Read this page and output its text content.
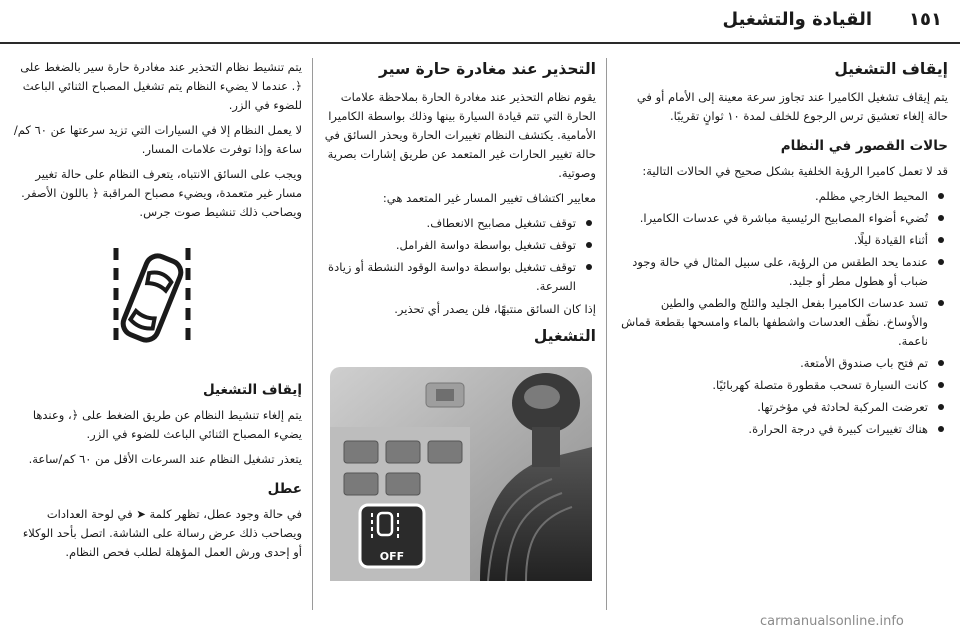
١٥١
القيادة والتشغيل
إيقاف التشغيل

يتم إيقاف تشغيل الكاميرا عند تجاوز سرعة معينة إلى الأمام أو في حالة إلغاء تعشيق ترس الرجوع للخلف لمدة ١٠ ثوانٍ تقريبًا.

حالات القصور في النظام

قد لا تعمل كاميرا الرؤية الخلفية بشكل صحيح في الحالات التالية:

المحيط الخارجي مظلم.
تُضيء أضواء المصابيح الرئيسية مباشرة في عدسات الكاميرا.
أثناء القيادة ليلًا.
عندما يحد الطقس من الرؤية، على سبيل المثال في حالة وجود ضباب أو هطول مطر أو جليد.
تسد عدسات الكاميرا بفعل الجليد والثلج والطمي والطين والأوساخ. نظّف العدسات واشطفها بالماء وامسحها بقطعة قماش ناعمة.
تم فتح باب صندوق الأمتعة.
كانت السيارة تسحب مقطورة متصلة كهربائيًا.
تعرضت المركبة لحادثة في مؤخرتها.
هناك تغييرات كبيرة في درجة الحرارة.
التحذير عند مغادرة حارة سير

يقوم نظام التحذير عند مغادرة الحارة بملاحظة علامات الحارة التي تتم قيادة السيارة بينها وذلك بواسطة الكاميرا الأمامية. يكتشف النظام تغييرات الحارة ويحذر السائق في حالة تغيير الحارات غير المتعمد عن طريق إشارات بصرية وصوتية.

معايير اكتشاف تغيير المسار غير المتعمد هي:

توقف تشغيل مصابيح الانعطاف.
توقف تشغيل بواسطة دواسة الفرامل.
توقف تشغيل بواسطة دواسة الوقود النشطة أو زيادة السرعة.

إذا كان السائق منتبهًا، فلن يصدر أي تحذير.

التشغيل
OFF

يتم تنشيط نظام التحذير عند مغادرة حارة سير بالضغط على ﴿. عندما لا يضيء النظام يتم تشغيل المصباح الثنائي الباعث للضوء في الزر.

لا يعمل النظام إلا في السيارات التي تزيد سرعتها عن ٦٠ كم/ساعة وإذا توفرت علامات المسار.

ويجب على السائق الانتباه، يتعرف النظام على حالة تغيير مسار غير متعمدة، ويضيء مصباح المراقبة ﴿ باللون الأصفر. ويصاحب ذلك تنشيط صوت جرس.

إيقاف التشغيل

يتم إلغاء تنشيط النظام عن طريق الضغط على ﴿، وعندها يضيء المصباح الثنائي الباعث للضوء في الزر.

يتعذر تشغيل النظام عند السرعات الأقل من ٦٠ كم/ساعة.

عطل

في حالة وجود عطل، تظهر كلمة ➤ في لوحة العدادات ويصاحب ذلك عرض رسالة على الشاشة. اتصل بأحد الوكلاء أو إحدى ورش العمل المؤهلة لطلب فحص النظام.

carmanualsonline.info
